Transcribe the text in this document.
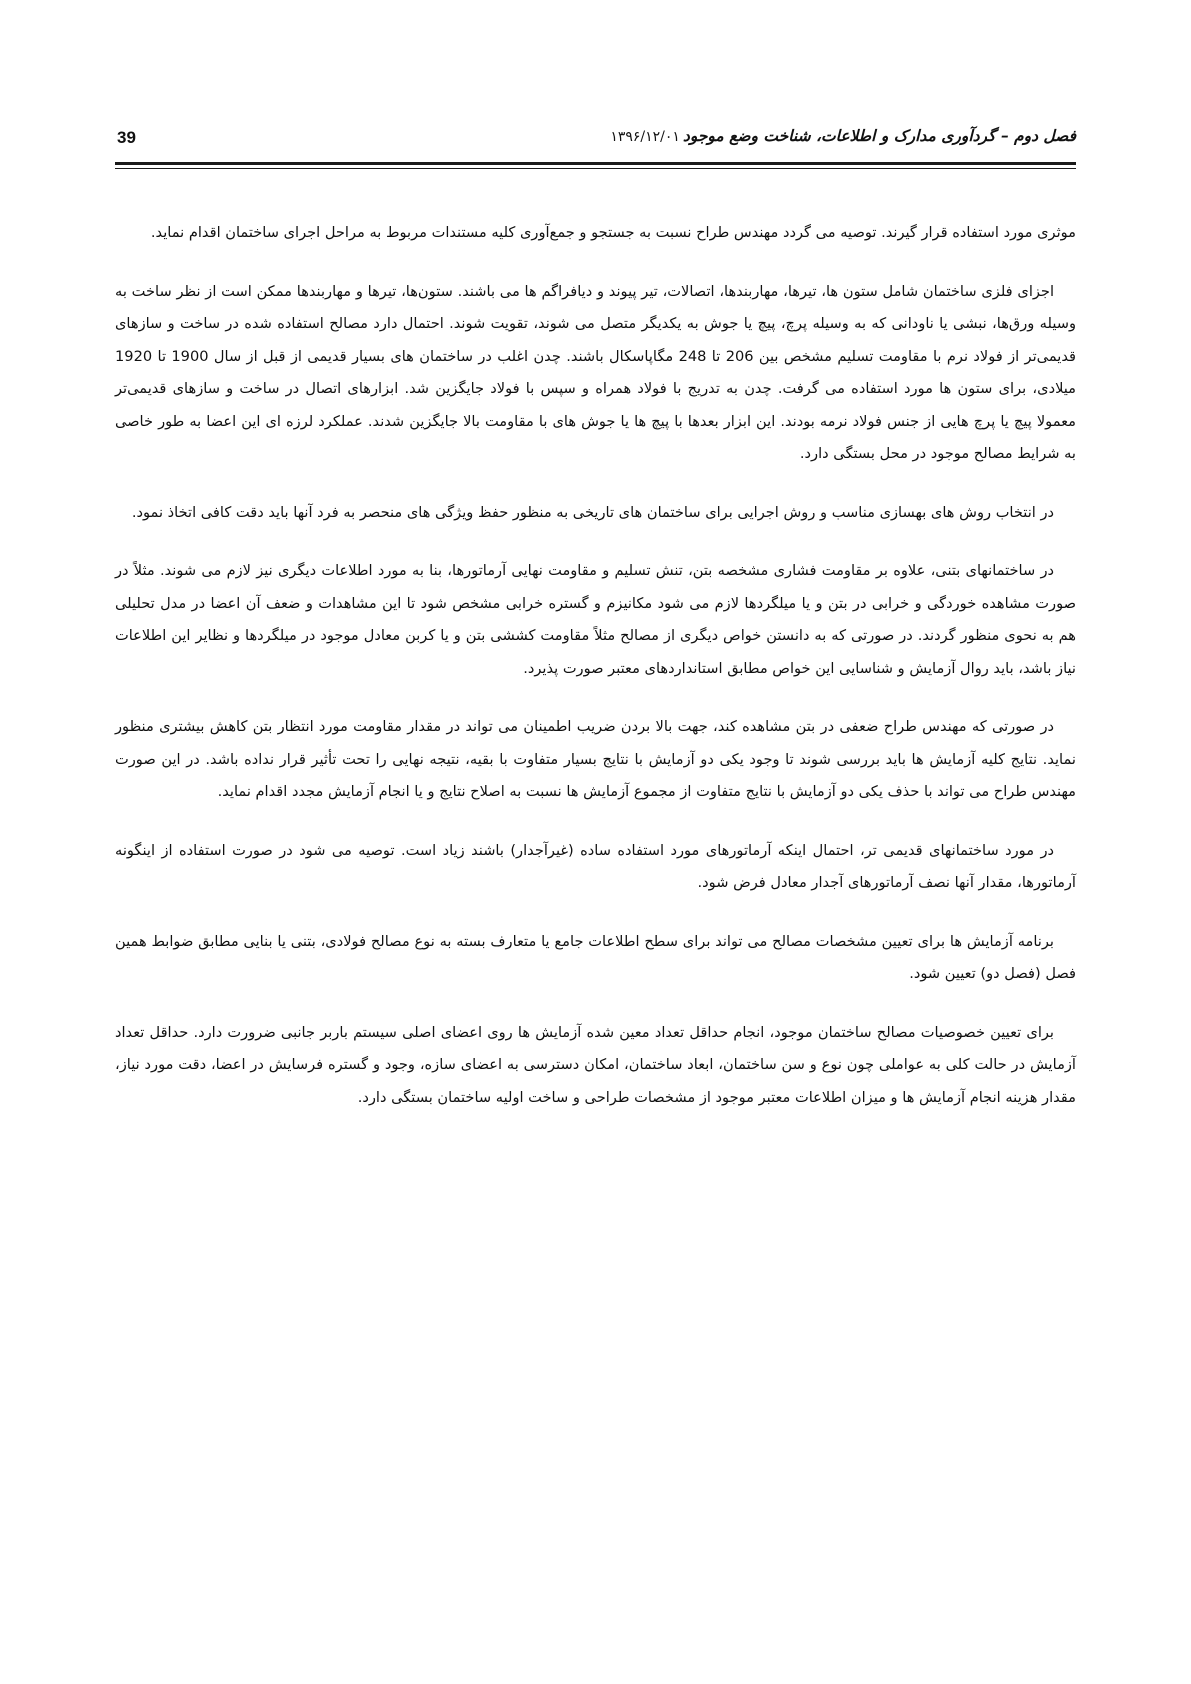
39	فصل دوم – گردآوری مدارک و اطلاعات، شناخت وضع موجود۱۳۹۶/۱۲/۰۱

موثری مورد استفاده قرار گیرند. توصیه می گردد مهندس طراح نسبت به جستجو و جمع‌آوری کلیه مستندات مربوط به مراحل اجرای ساختمان اقدام نماید.

اجزای فلزی ساختمان شامل ستون ها، تیرها، مهاربندها، اتصالات، تیر پیوند و دیافراگم ها می باشند. ستون‌ها، تیرها و مهاربندها ممکن است از نظر ساخت به وسیله ورق‌ها، نبشی یا ناودانی که به وسیله پرچ، پیچ یا جوش به یکدیگر متصل می شوند، تقویت شوند. احتمال دارد مصالح استفاده شده در ساخت و سازهای قدیمی‌تر از فولاد نرم با مقاومت تسلیم مشخص بین 206 تا 248 مگاپاسکال باشند. چدن اغلب در ساختمان های بسیار قدیمی از قبل از سال 1900 تا 1920 میلادی، برای ستون ها مورد استفاده می گرفت. چدن به تدریج با فولاد همراه و سپس با فولاد جایگزین شد. ابزارهای اتصال در ساخت و سازهای قدیمی‌تر معمولا پیچ یا پرچ هایی از جنس فولاد نرمه بودند. این ابزار بعدها با پیچ ها یا جوش های با مقاومت بالا جایگزین شدند. عملکرد لرزه ای این اعضا به طور خاصی به شرایط مصالح موجود در محل بستگی دارد.

در انتخاب روش های بهسازی مناسب و روش اجرایی برای ساختمان های تاریخی به منظور حفظ ویژگی های منحصر به فرد آنها باید دقت کافی اتخاذ نمود.

در ساختمانهای بتنی، علاوه بر مقاومت فشاری مشخصه بتن، تنش تسلیم و مقاومت نهایی آرماتورها، بنا به مورد اطلاعات دیگری نیز لازم می شوند. مثلاً در صورت مشاهده خوردگی و خرابی در بتن و یا میلگردها لازم می شود مکانیزم و گستره خرابی مشخص شود تا این مشاهدات و ضعف آن اعضا در مدل تحلیلی هم به نحوی منظور گردند. در صورتی که به دانستن خواص دیگری از مصالح مثلاً مقاومت کششی بتن و یا کربن معادل موجود در میلگردها و نظایر این اطلاعات نیاز باشد، باید روال آزمایش و شناسایی این خواص مطابق استانداردهای معتبر صورت پذیرد.

در صورتی که مهندس طراح ضعفی در بتن مشاهده کند، جهت بالا بردن ضریب اطمینان می تواند در مقدار مقاومت مورد انتظار بتن کاهش بیشتری منظور نماید. نتایج کلیه آزمایش ها باید بررسی شوند تا وجود یکی دو آزمایش با نتایج بسیار متفاوت با بقیه، نتیجه نهایی را تحت تأثیر قرار نداده باشد. در این صورت مهندس طراح می تواند با حذف یکی دو آزمایش با نتایج متفاوت از مجموع آزمایش ها نسبت به اصلاح نتایج و یا انجام آزمایش مجدد اقدام نماید.

در مورد ساختمانهای قدیمی تر، احتمال اینکه آرماتورهای مورد استفاده ساده (غیرآجدار) باشند زیاد است. توصیه می شود در صورت استفاده از اینگونه آرماتورها، مقدار آنها نصف آرماتورهای آجدار معادل فرض شود.

برنامه آزمایش ها برای تعیین مشخصات مصالح می تواند برای سطح اطلاعات جامع یا متعارف بسته به نوع مصالح فولادی، بتنی یا بنایی مطابق ضوابط همین فصل (فصل دو) تعیین شود.

برای تعیین خصوصیات مصالح ساختمان موجود، انجام حداقل تعداد معین شده آزمایش ها روی اعضای اصلی سیستم باربر جانبی ضرورت دارد. حداقل تعداد آزمایش در حالت کلی به عواملی چون نوع و سن ساختمان، ابعاد ساختمان، امکان دسترسی به اعضای سازه، وجود و گستره فرسایش در اعضا، دقت مورد نیاز، مقدار هزینه انجام آزمایش ها و میزان اطلاعات معتبر موجود از مشخصات طراحی و ساخت اولیه ساختمان بستگی دارد.
